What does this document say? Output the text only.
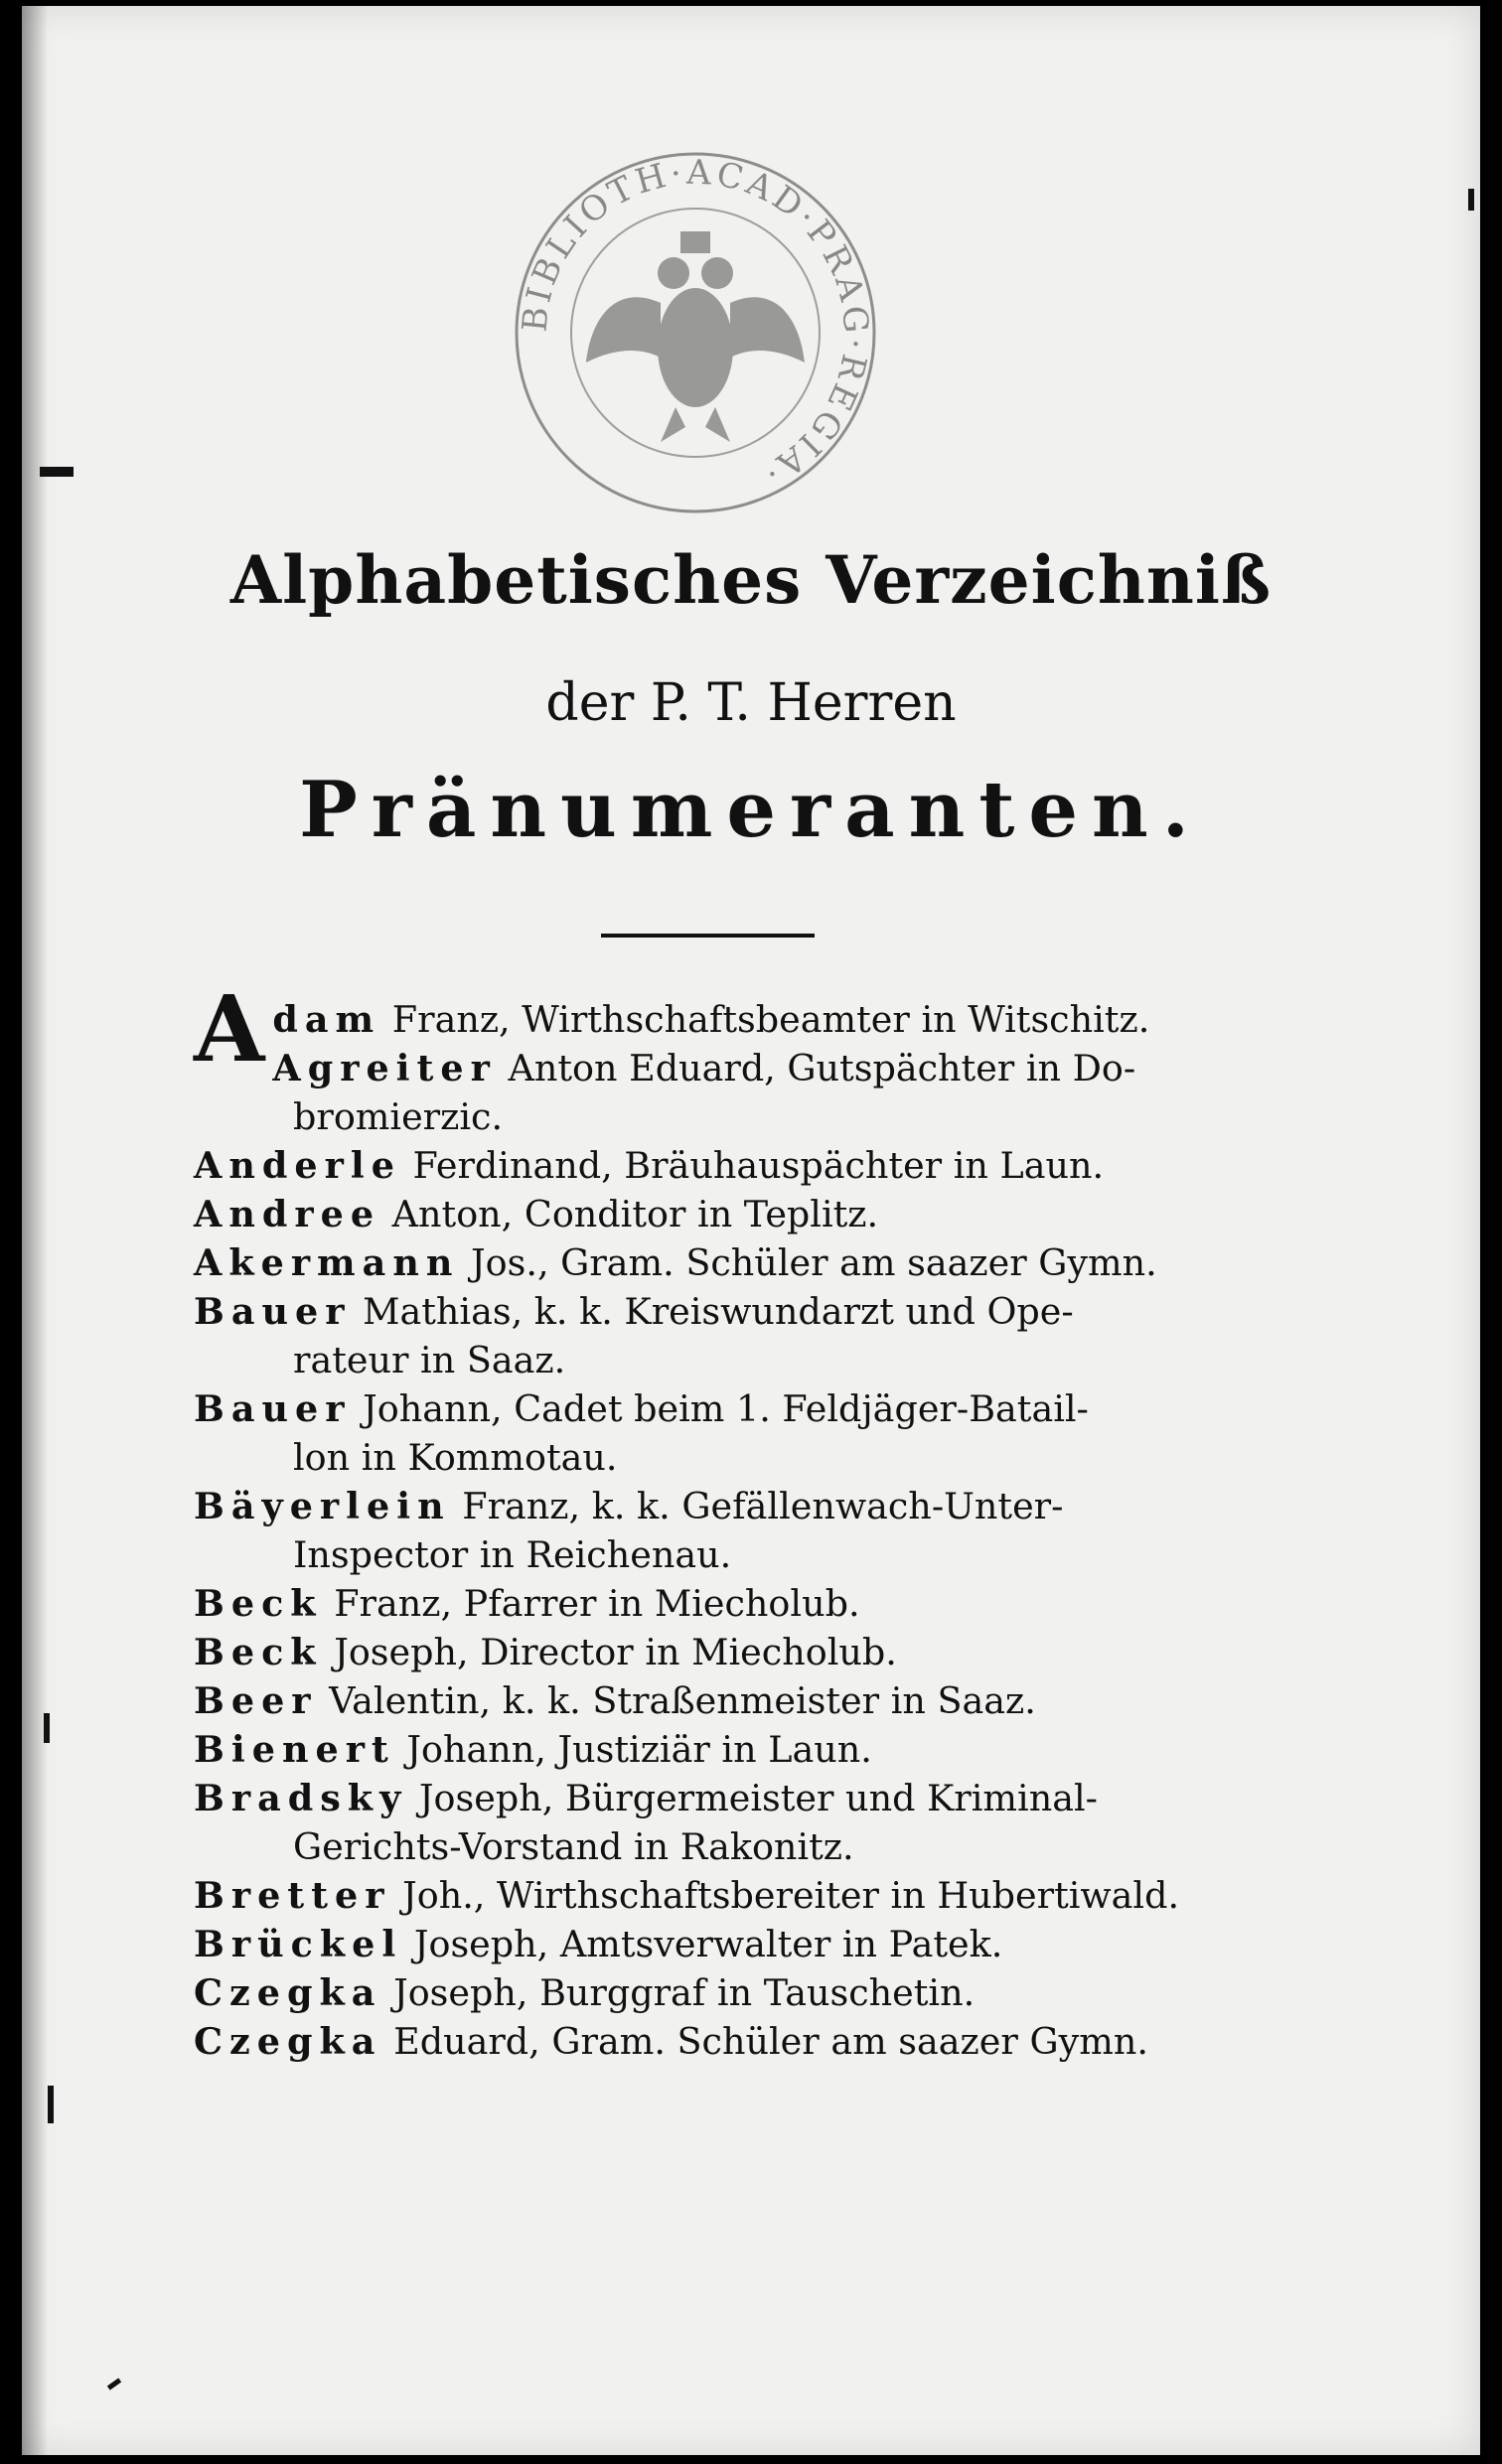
BIBLIOTH·ACAD·PRAG·REGIA·
Alphabetisches Verzeichniß
der P. T. Herren
Pränumeranten.
Adam Franz, Wirthschaftsbeamter in Witschitz.
Agreiter Anton Eduard, Gutspächter in Do-
bromierzic.
Anderle Ferdinand, Bräuhauspächter in Laun.
Andree Anton, Conditor in Teplitz.
Akermann Jos., Gram. Schüler am saazer Gymn.
Bauer Mathias, k. k. Kreiswundarzt und Ope-
rateur in Saaz.
Bauer Johann, Cadet beim 1. Feldjäger-Batail-
lon in Kommotau.
Bäyerlein Franz, k. k. Gefällenwach-Unter-
Inspector in Reichenau.
Beck Franz, Pfarrer in Miecholub.
Beck Joseph, Director in Miecholub.
Beer Valentin, k. k. Straßenmeister in Saaz.
Bienert Johann, Justiziär in Laun.
Bradsky Joseph, Bürgermeister und Kriminal-
Gerichts-Vorstand in Rakonitz.
Bretter Joh., Wirthschaftsbereiter in Hubertiwald.
Brückel Joseph, Amtsverwalter in Patek.
Czegka Joseph, Burggraf in Tauschetin.
Czegka Eduard, Gram. Schüler am saazer Gymn.
